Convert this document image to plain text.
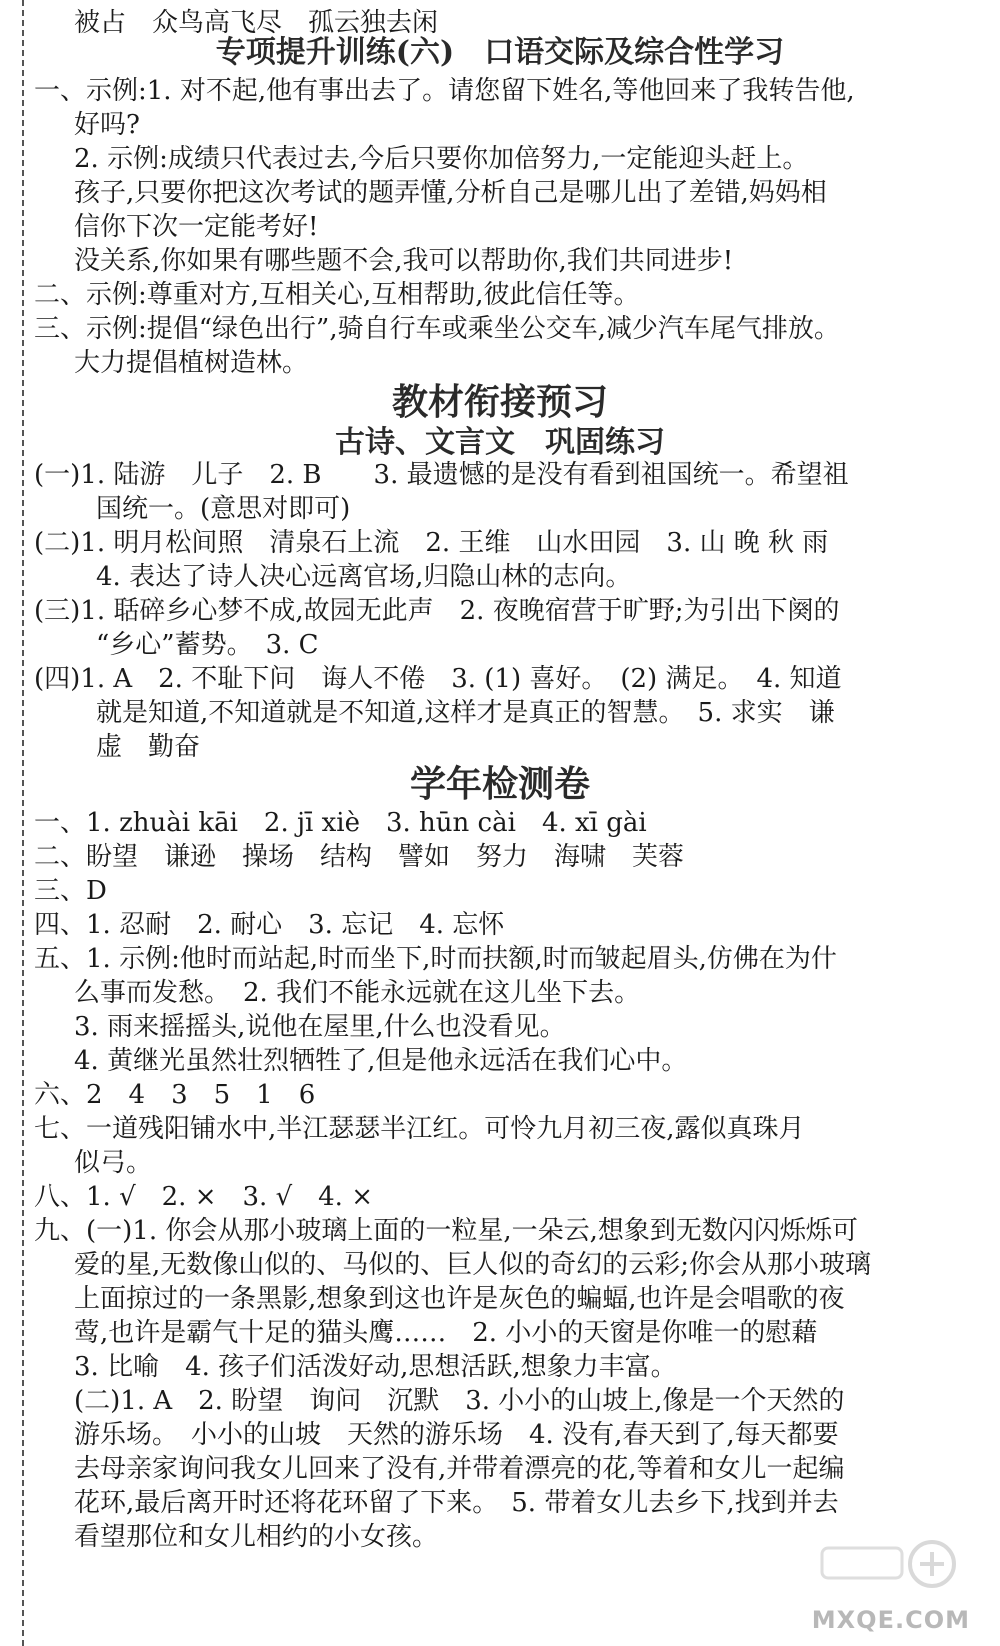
被占　众鸟高飞尽　孤云独去闲
专项提升训练(六)　口语交际及综合性学习
一、示例:1. 对不起,他有事出去了。请您留下姓名,等他回来了我转告他,
好吗?
2. 示例:成绩只代表过去,今后只要你加倍努力,一定能迎头赶上。
孩子,只要你把这次考试的题弄懂,分析自己是哪儿出了差错,妈妈相
信你下次一定能考好!
没关系,你如果有哪些题不会,我可以帮助你,我们共同进步!
二、示例:尊重对方,互相关心,互相帮助,彼此信任等。
三、示例:提倡“绿色出行”,骑自行车或乘坐公交车,减少汽车尾气排放。
大力提倡植树造林。
教材衔接预习
古诗、文言文　巩固练习
(一)1. 陆游　儿子　2. B　　3. 最遗憾的是没有看到祖国统一。希望祖
国统一。(意思对即可)
(二)1. 明月松间照　清泉石上流　2. 王维　山水田园　3. 山 晚 秋 雨
4. 表达了诗人决心远离官场,归隐山林的志向。
(三)1. 聒碎乡心梦不成,故园无此声　2. 夜晚宿营于旷野;为引出下阕的
“乡心”蓄势。　3. C
(四)1. A　2. 不耻下问　诲人不倦　3. (1) 喜好。　(2) 满足。　4. 知道
就是知道,不知道就是不知道,这样才是真正的智慧。　5. 求实　谦
虚　勤奋
学年检测卷
一、1. zhuài kāi　2. jī xiè　3. hūn cài　4. xī gài
二、盼望　谦逊　操场　结构　譬如　努力　海啸　芙蓉
三、D
四、1. 忍耐　2. 耐心　3. 忘记　4. 忘怀
五、1. 示例:他时而站起,时而坐下,时而扶额,时而皱起眉头,仿佛在为什
么事而发愁。　2. 我们不能永远就在这儿坐下去。
3. 雨来摇摇头,说他在屋里,什么也没看见。
4. 黄继光虽然壮烈牺牲了,但是他永远活在我们心中。
六、2　4　3　5　1　6
七、一道残阳铺水中,半江瑟瑟半江红。可怜九月初三夜,露似真珠月
似弓。
八、1. √　2. ×　3. √　4. ×
九、(一)1. 你会从那小玻璃上面的一粒星,一朵云,想象到无数闪闪烁烁可
爱的星,无数像山似的、马似的、巨人似的奇幻的云彩;你会从那小玻璃
上面掠过的一条黑影,想象到这也许是灰色的蝙蝠,也许是会唱歌的夜
莺,也许是霸气十足的猫头鹰……　2. 小小的天窗是你唯一的慰藉
3. 比喻　4. 孩子们活泼好动,思想活跃,想象力丰富。
(二)1. A　2. 盼望　询问　沉默　3. 小小的山坡上,像是一个天然的
游乐场。　小小的山坡　天然的游乐场　4. 没有,春天到了,每天都要
去母亲家询问我女儿回来了没有,并带着漂亮的花,等着和女儿一起编
花环,最后离开时还将花环留了下来。　5. 带着女儿去乡下,找到并去
看望那位和女儿相约的小女孩。
MXQE.COM
